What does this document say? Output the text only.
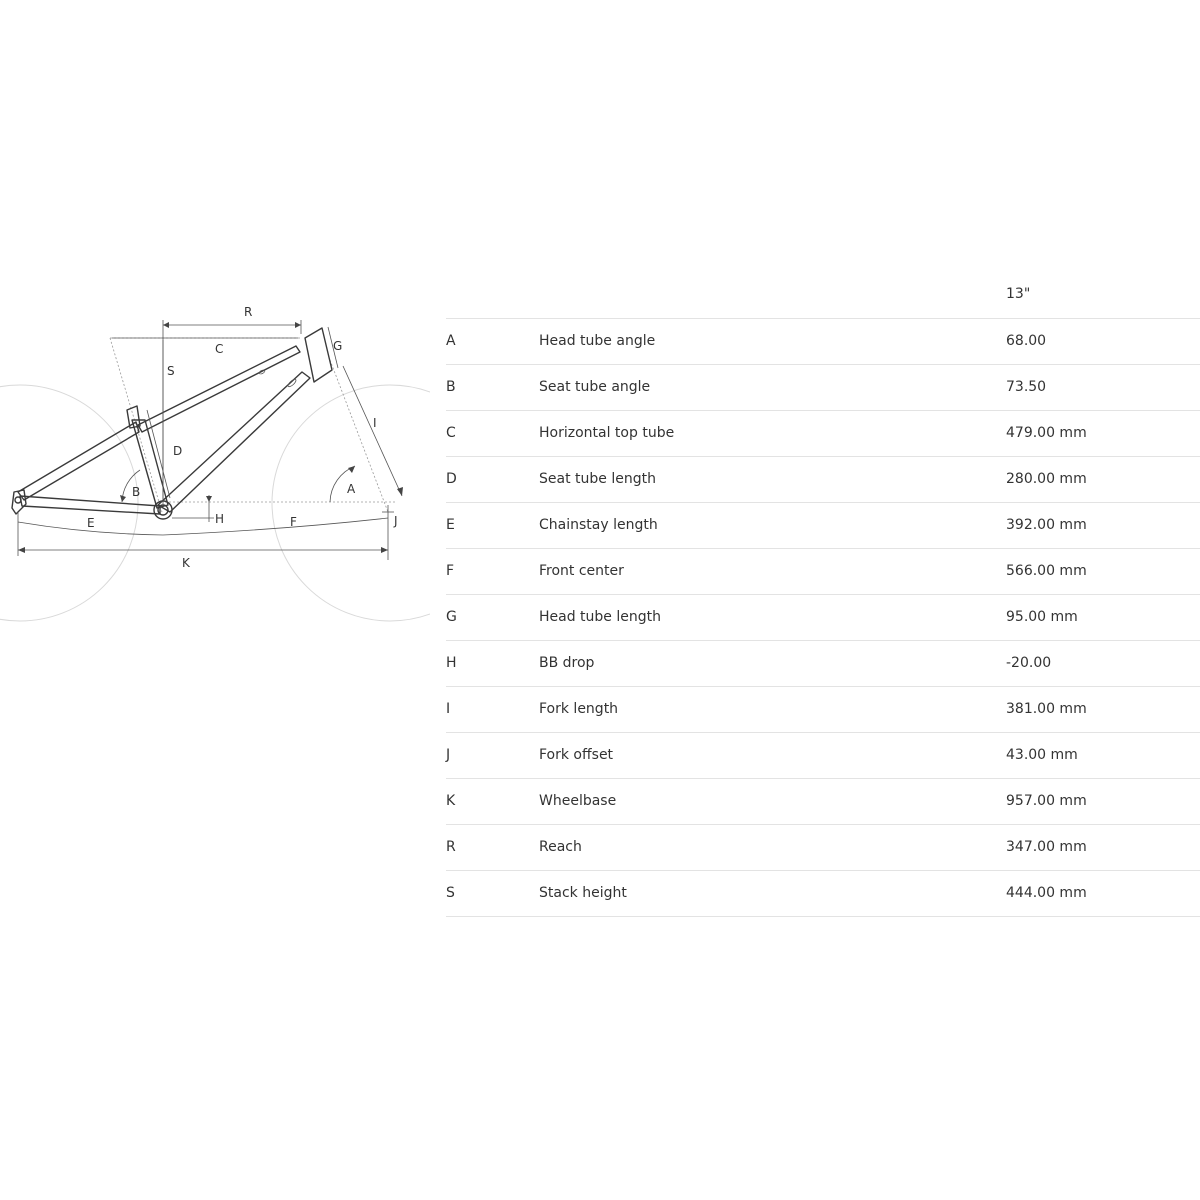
R
C
S
G
I
D
A
B
E	H	F	J
K
13"
A	Head tube angle	68.00
B	Seat tube angle	73.50
C	Horizontal top tube	479.00 mm
D	Seat tube length	280.00 mm
E	Chainstay length	392.00 mm
F	Front center	566.00 mm
G	Head tube length	95.00 mm
H	BB drop	-20.00
I	Fork length	381.00 mm
J	Fork offset	43.00 mm
K	Wheelbase	957.00 mm
R	Reach	347.00 mm
S	Stack height	444.00 mm
